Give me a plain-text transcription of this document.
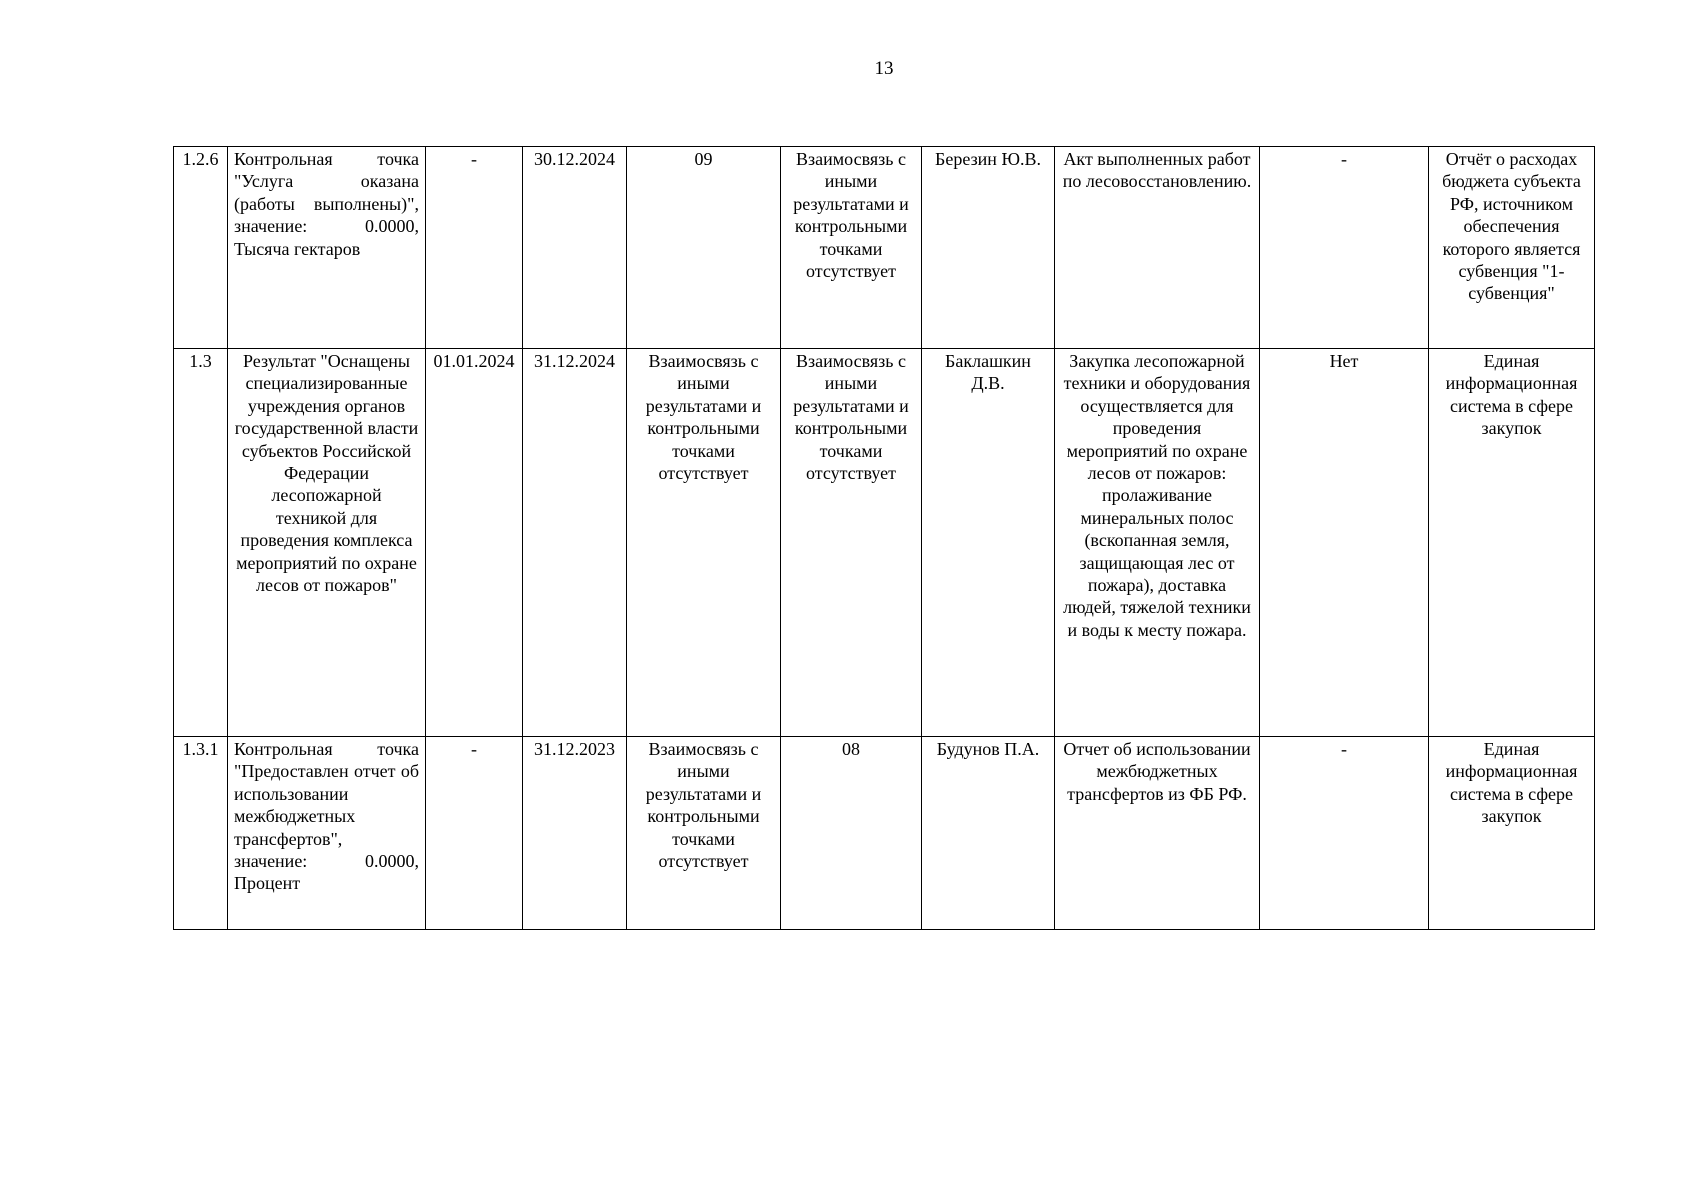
13
1.2.6	Контрольная точка "Услуга оказана (работы выполнены)", значение: 0.0000, Тысяча гектаров	-	30.12.2024	09	Взаимосвязь с иными результатами и контрольными точками отсутствует	Березин Ю.В.	Акт выполненных работ по лесовосстановлению.	-	Отчёт о расходах бюджета субъекта РФ, источником обеспечения которого является субвенция "1-субвенция"
1.3	Результат "Оснащены специализированные учреждения органов государственной власти субъектов Российской Федерации лесопожарной техникой для проведения комплекса мероприятий по охране лесов от пожаров"	01.01.2024	31.12.2024	Взаимосвязь с иными результатами и контрольными точками отсутствует	Взаимосвязь с иными результатами и контрольными точками отсутствует	Баклашкин Д.В.	Закупка лесопожарной техники и оборудования осуществляется для проведения мероприятий по охране лесов от пожаров: пролаживание минеральных полос (вскопанная земля, защищающая лес от пожара), доставка людей, тяжелой техники и воды к месту пожара.	Нет	Единая информационная система в сфере закупок
1.3.1	Контрольная точка "Предоставлен отчет об использовании межбюджетных трансфертов", значение: 0.0000, Процент	-	31.12.2023	Взаимосвязь с иными результатами и контрольными точками отсутствует	08	Будунов П.А.	Отчет об использовании межбюджетных трансфертов из ФБ РФ.	-	Единая информационная система в сфере закупок
